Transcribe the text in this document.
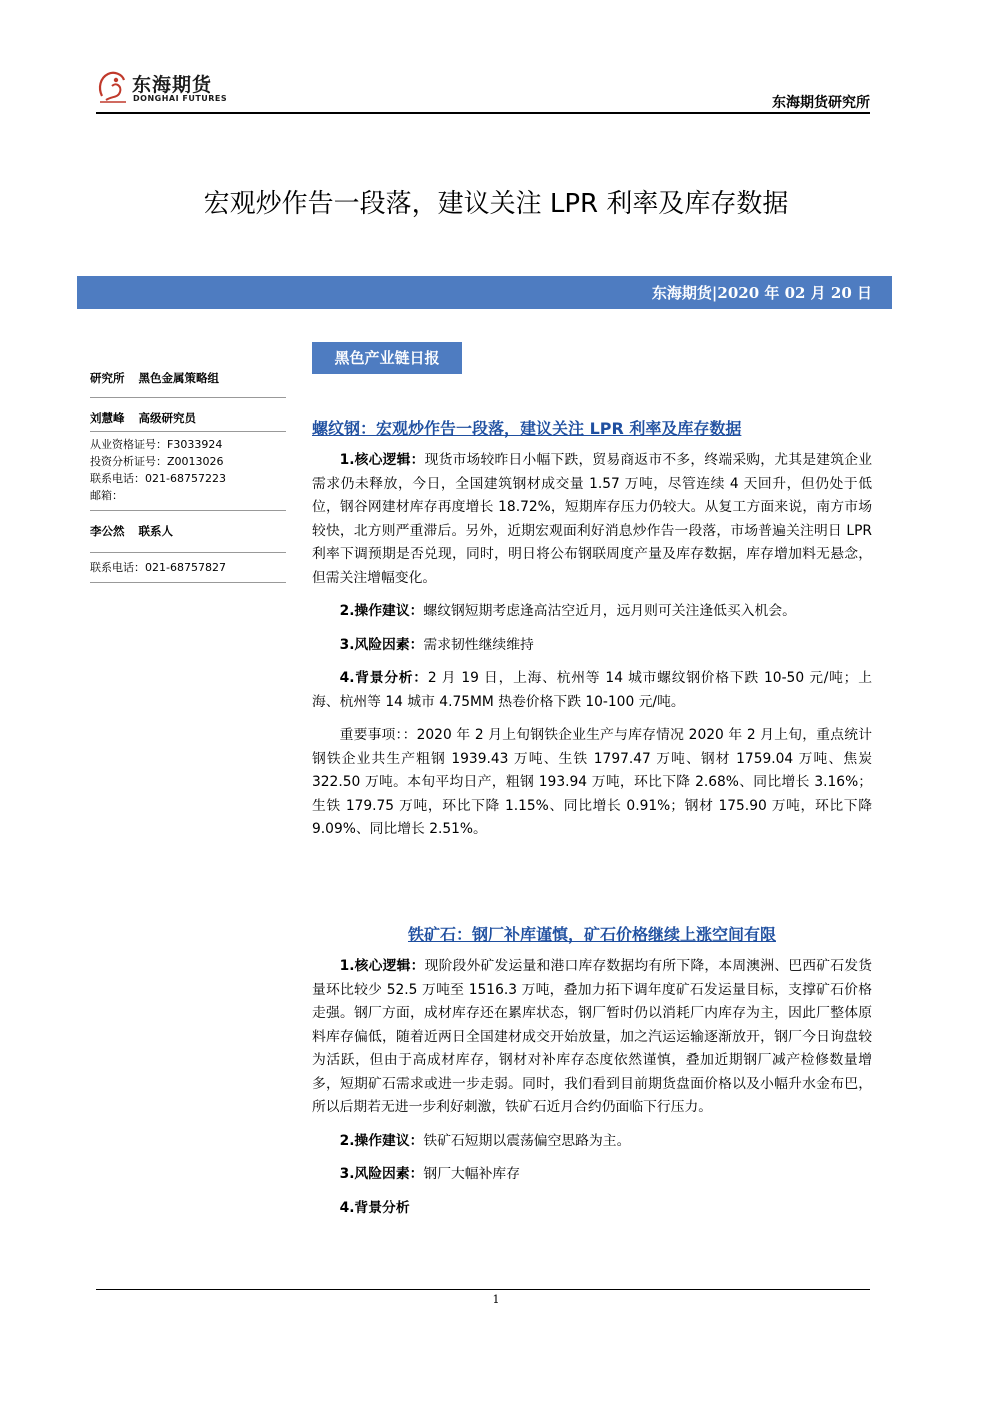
东海期货
DONGHAI FUTURES	东海期货研究所
宏观炒作告一段落，建议关注 LPR 利率及库存数据
东海期货|2020 年 02 月 20 日
黑色产业链日报
研究所 黑色金属策略组
刘慧峰 高级研究员
从业资格证号：F3033924
投资分析证号：Z0013026
联系电话：021-68757223
邮箱：
李公然 联系人
联系电话：021-68757827
螺纹钢：宏观炒作告一段落，建议关注 LPR 利率及库存数据

1.核心逻辑：现货市场较昨日小幅下跌，贸易商返市不多，终端采购，尤其是建筑企业需求仍未释放，今日，全国建筑钢材成交量 1.57 万吨，尽管连续 4 天回升，但仍处于低位，钢谷网建材库存再度增长 18.72%，短期库存压力仍较大。从复工方面来说，南方市场较快，北方则严重滞后。另外，近期宏观面利好消息炒作告一段落，市场普遍关注明日 LPR 利率下调预期是否兑现，同时，明日将公布钢联周度产量及库存数据，库存增加料无悬念，但需关注增幅变化。

2.操作建议：螺纹钢短期考虑逢高沽空近月，远月则可关注逢低买入机会。

3.风险因素：需求韧性继续维持

4.背景分析：2 月 19 日，上海、杭州等 14 城市螺纹钢价格下跌 10-50 元/吨；上海、杭州等 14 城市 4.75MM 热卷价格下跌 10-100 元/吨。

重要事项：：2020 年 2 月上旬钢铁企业生产与库存情况 2020 年 2 月上旬，重点统计钢铁企业共生产粗钢 1939.43 万吨、生铁 1797.47 万吨、钢材 1759.04 万吨、焦炭 322.50 万吨。本旬平均日产，粗钢 193.94 万吨，环比下降 2.68%、同比增长 3.16%；生铁 179.75 万吨，环比下降 1.15%、同比增长 0.91%；钢材 175.90 万吨，环比下降 9.09%、同比增长 2.51%。

铁矿石：钢厂补库谨慎，矿石价格继续上涨空间有限

1.核心逻辑：现阶段外矿发运量和港口库存数据均有所下降，本周澳洲、巴西矿石发货量环比较少 52.5 万吨至 1516.3 万吨，叠加力拓下调年度矿石发运量目标，支撑矿石价格走强。钢厂方面，成材库存还在累库状态，钢厂暂时仍以消耗厂内库存为主，因此厂整体原料库存偏低，随着近两日全国建材成交开始放量，加之汽运运输逐渐放开，钢厂今日询盘较为活跃，但由于高成材库存，钢材对补库存态度依然谨慎，叠加近期钢厂减产检修数量增多，短期矿石需求或进一步走弱。同时，我们看到目前期货盘面价格以及小幅升水金布巴，所以后期若无进一步利好刺激，铁矿石近月合约仍面临下行压力。

2.操作建议：铁矿石短期以震荡偏空思路为主。

3.风险因素：钢厂大幅补库存

4.背景分析

1
